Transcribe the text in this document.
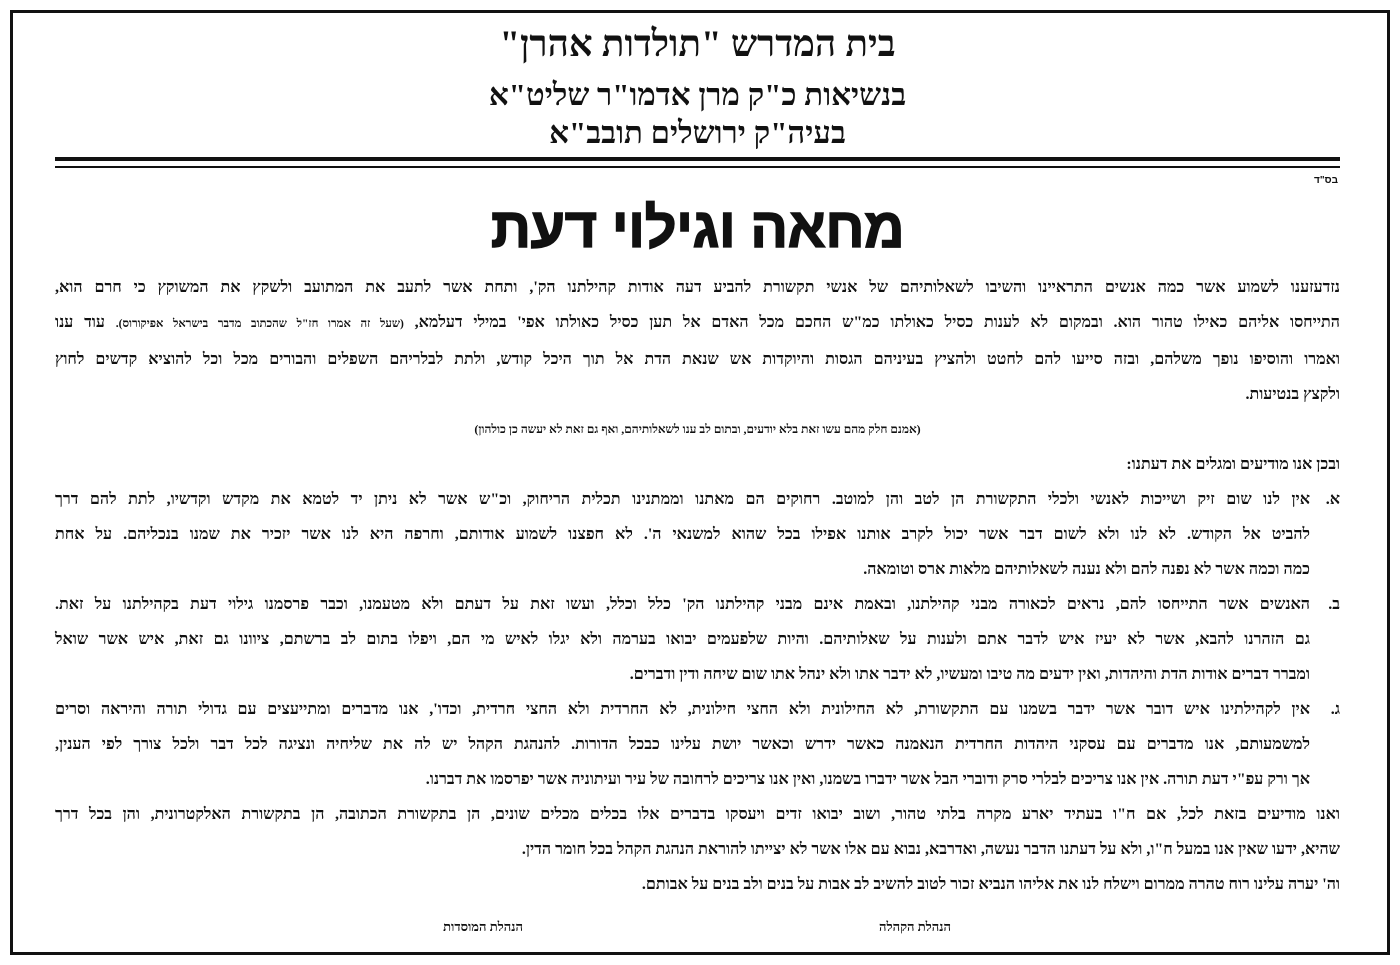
בית המדרש "תולדות אהרן"
בנשיאות כ"ק מרן אדמו"ר שליט"א
בעיה"ק ירושלים תובב"א
בס"ד
מחאה וגילוי דעת
נזדעזענו לשמוע אשר כמה אנשים התראיינו והשיבו לשאלותיהם של אנשי תקשורת להביע דעה אודות קהילתנו הק', ותחת אשר לתעב את המתועב ולשקץ את המשוקץ כי חרם הוא,
התייחסו אליהם כאילו טהור הוא. ובמקום לא לענות כסיל כאולתו כמ"ש החכם מכל האדם אל תען כסיל כאולתו אפי' במילי דעלמא, (שעל זה אמרו חז"ל שהכתוב מדבר בישראל אפיקורוס). עוד ענו
ואמרו והוסיפו נופך משלהם, ובזה סייעו להם לחטט ולהציץ בעיניהם הגסות והיוקדות אש שנאת הדת אל תוך היכל קודש, ולתת לבלריהם השפלים והבורים מכל וכל להוציא קדשים לחוץ
ולקצץ בנטיעות.
(אמנם חלק מהם עשו זאת בלא יודעים, ובתום לב ענו לשאלותיהם, ואף גם זאת לא יעשה כן כולהון)
ובכן אנו מודיעים ומגלים את דעתנו:
א.
אין לנו שום זיק ושייכות לאנשי ולכלי התקשורת הן לטב והן למוטב. רחוקים הם מאתנו וממתנינו תכלית הריחוק, וכ"ש אשר לא ניתן יד לטמא את מקדש וקדשיו, לתת להם דרך
להביט אל הקודש. לא לנו ולא לשום דבר אשר יכול לקרב אותנו אפילו בכל שהוא למשנאי ה'. לא חפצנו לשמוע אודותם, וחרפה היא לנו אשר יזכיר את שמנו בנכליהם. על אחת
כמה וכמה אשר לא נפנה להם ולא נענה לשאלותיהם מלאות ארס וטומאה.
ב.
האנשים אשר התייחסו להם, נראים לכאורה מבני קהילתנו, ובאמת אינם מבני קהילתנו הק' כלל וכלל, ועשו זאת על דעתם ולא מטעמנו, וכבר פרסמנו גילוי דעת בקהילתנו על זאת.
גם הזהרנו להבא, אשר לא יעיז איש לדבר אתם ולענות על שאלותיהם. והיות שלפעמים יבואו בערמה ולא יגלו לאיש מי הם, ויפלו בתום לב ברשתם, ציוונו גם זאת, איש אשר שואל
ומברר דברים אודות הדת והיהדות, ואין ידעים מה טיבו ומעשיו, לא ידבר אתו ולא ינהל אתו שום שיחה ודין ודברים.
ג.
אין לקהילתינו איש דובר אשר ידבר בשמנו עם התקשורת, לא החילונית ולא החצי חילונית, לא החרדית ולא החצי חרדית, וכדו', אנו מדברים ומתייעצים עם גדולי תורה והיראה וסרים
למשמעותם, אנו מדברים עם עסקני היהדות החרדית הנאמנה כאשר ידרש וכאשר יושת עלינו כבכל הדורות. להנהגת הקהל יש לה את שליחיה ונציגה לכל דבר ולכל צורך לפי הענין,
אך ורק עפ"י דעת תורה. אין אנו צריכים לבלרי סרק ודוברי הבל אשר ידברו בשמנו, ואין אנו צריכים לרחובה של עיר ועיתוניה אשר יפרסמו את דברנו.
ואנו מודיעים בזאת לכל, אם ח"ו בעתיד יארע מקרה בלתי טהור, ושוב יבואו זדים ויעסקו בדברים אלו בכלים מכלים שונים, הן בתקשורת הכתובה, הן בתקשורת האלקטרונית, והן בכל דרך
שהיא, ידעו שאין אנו במעל ח"ו, ולא על דעתנו הדבר נעשה, ואדרבא, נבוא עם אלו אשר לא יצייתו להוראת הנהגת הקהל בכל חומר הדין.
וה' יערה עלינו רוח טהרה ממרום וישלח לנו את אליהו הנביא זכור לטוב להשיב לב אבות על בנים ולב בנים על אבותם.
הנהלת הקהלה
הנהלת המוסדות
